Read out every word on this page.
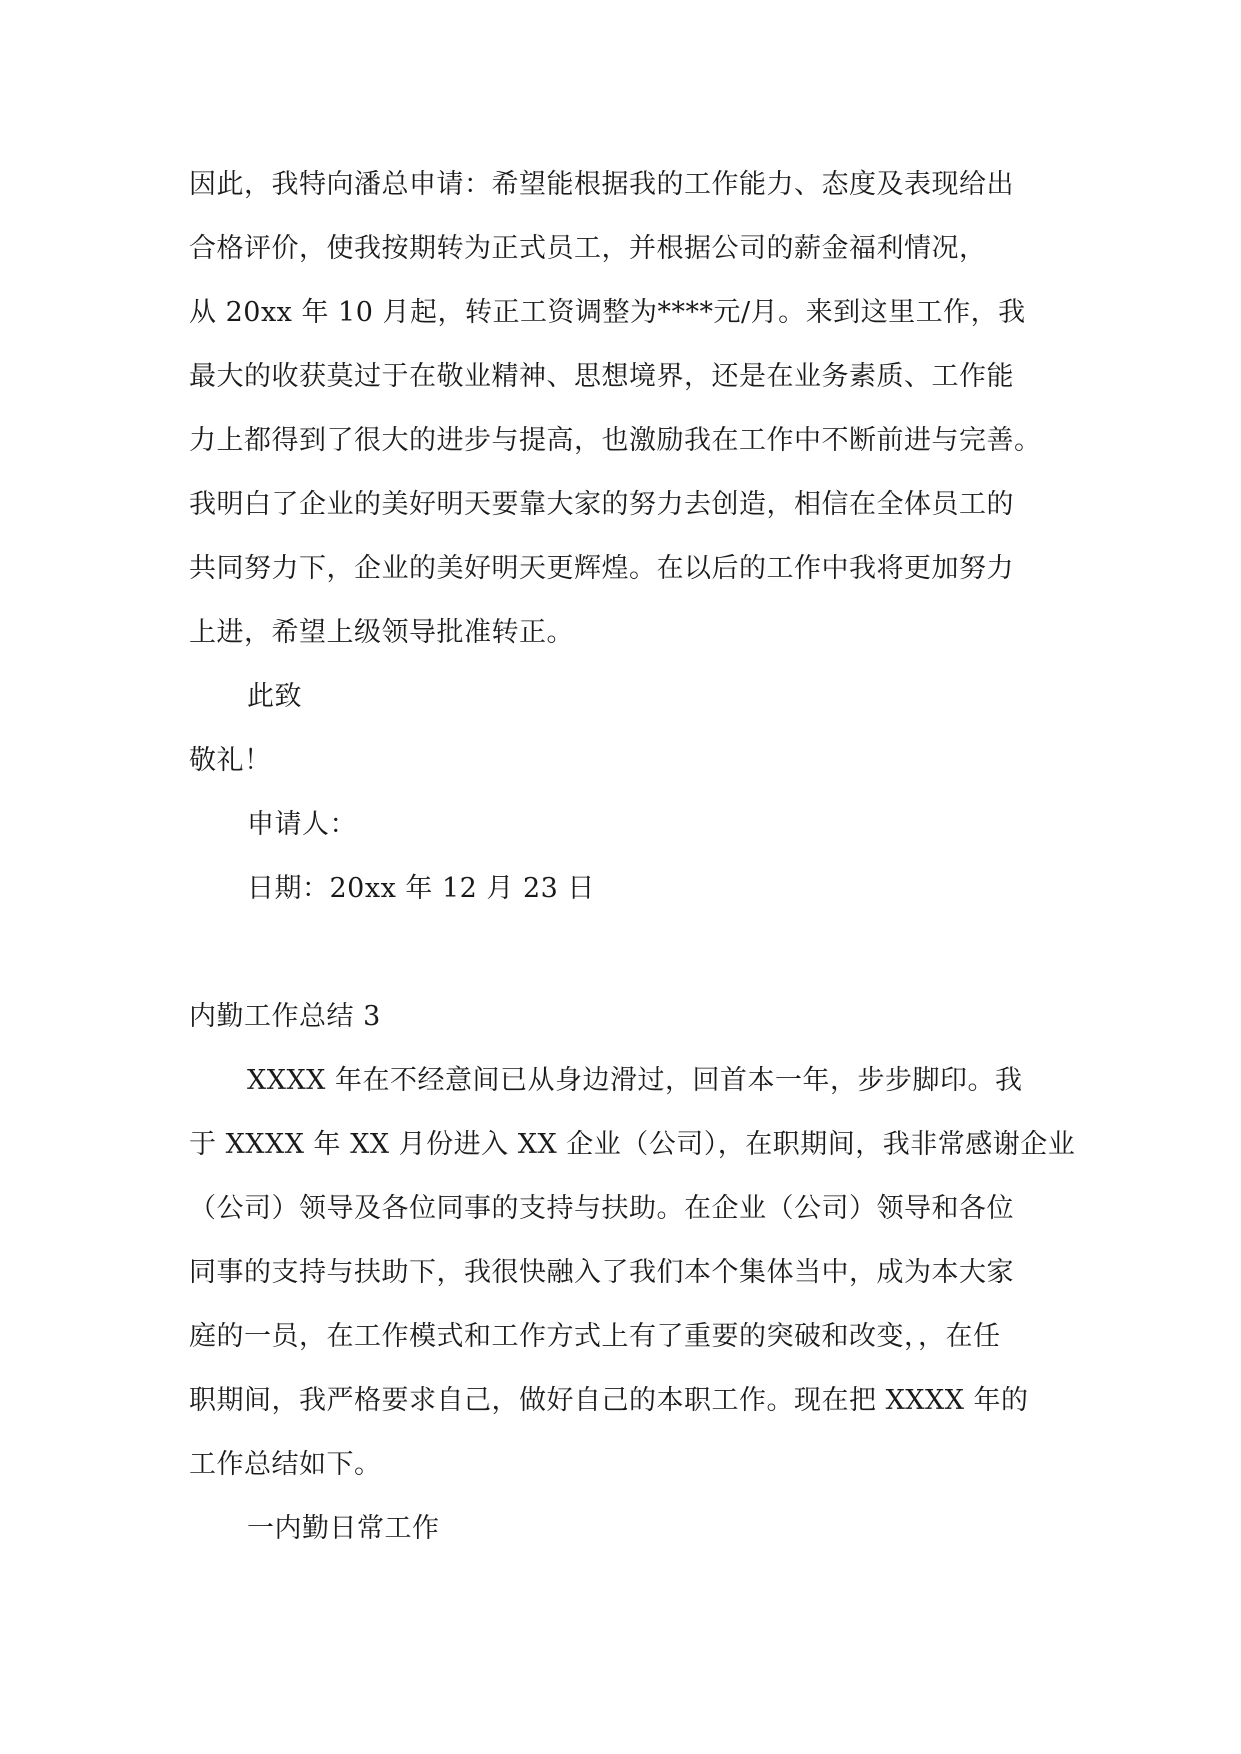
因此，我特向潘总申请：希望能根据我的工作能力、态度及表现给出
合格评价，使我按期转为正式员工，并根据公司的薪金福利情况，
从 20xx 年 10 月起，转正工资调整为****元/月。来到这里工作，我
最大的收获莫过于在敬业精神、思想境界，还是在业务素质、工作能
力上都得到了很大的进步与提高，也激励我在工作中不断前进与完善。
我明白了企业的美好明天要靠大家的努力去创造，相信在全体员工的
共同努力下，企业的美好明天更辉煌。在以后的工作中我将更加努力
上进，希望上级领导批准转正。
此致
敬礼！
申请人：
日期：20xx 年 12 月 23 日
内勤工作总结 3
XXXX 年在不经意间已从身边滑过，回首本一年，步步脚印。我
于 XXXX 年 XX 月份进入 XX 企业（公司），在职期间，我非常感谢企业
（公司）领导及各位同事的支持与扶助。在企业（公司）领导和各位
同事的支持与扶助下，我很快融入了我们本个集体当中，成为本大家
庭的一员，在工作模式和工作方式上有了重要的突破和改变，，在任
职期间，我严格要求自己，做好自己的本职工作。现在把 XXXX 年的
工作总结如下。
一内勤日常工作
